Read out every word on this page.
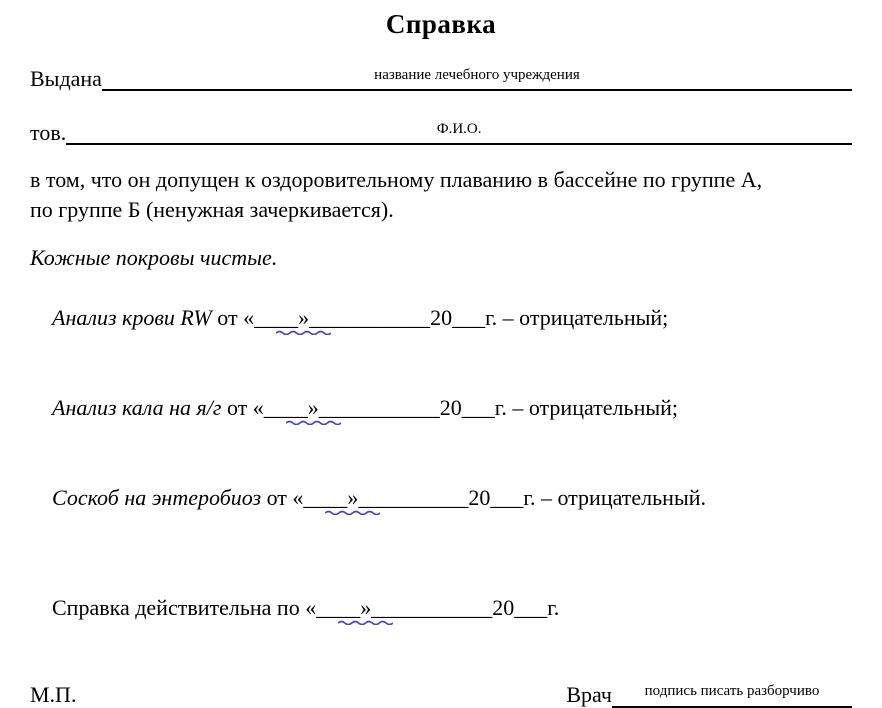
Справка
Выдана	название лечебного учреждения
тов.	Ф.И.О.
в том, что он допущен к оздоровительному плаванию в бассейне по группе А,
по группе Б (ненужная зачеркивается).
Кожные покровы чистые.

Анализ крови RW от «____»__
_________20___г. – отрицательный;

Анализ кала на я/г от «____»__
_________20___г. – отрицательный;

Соскоб на энтеробиоз от «____»__
________20___г. – отрицательный.

Справка действительна по «____»__
_________20___г.

М.П.	Врач	подпись писать разборчиво
